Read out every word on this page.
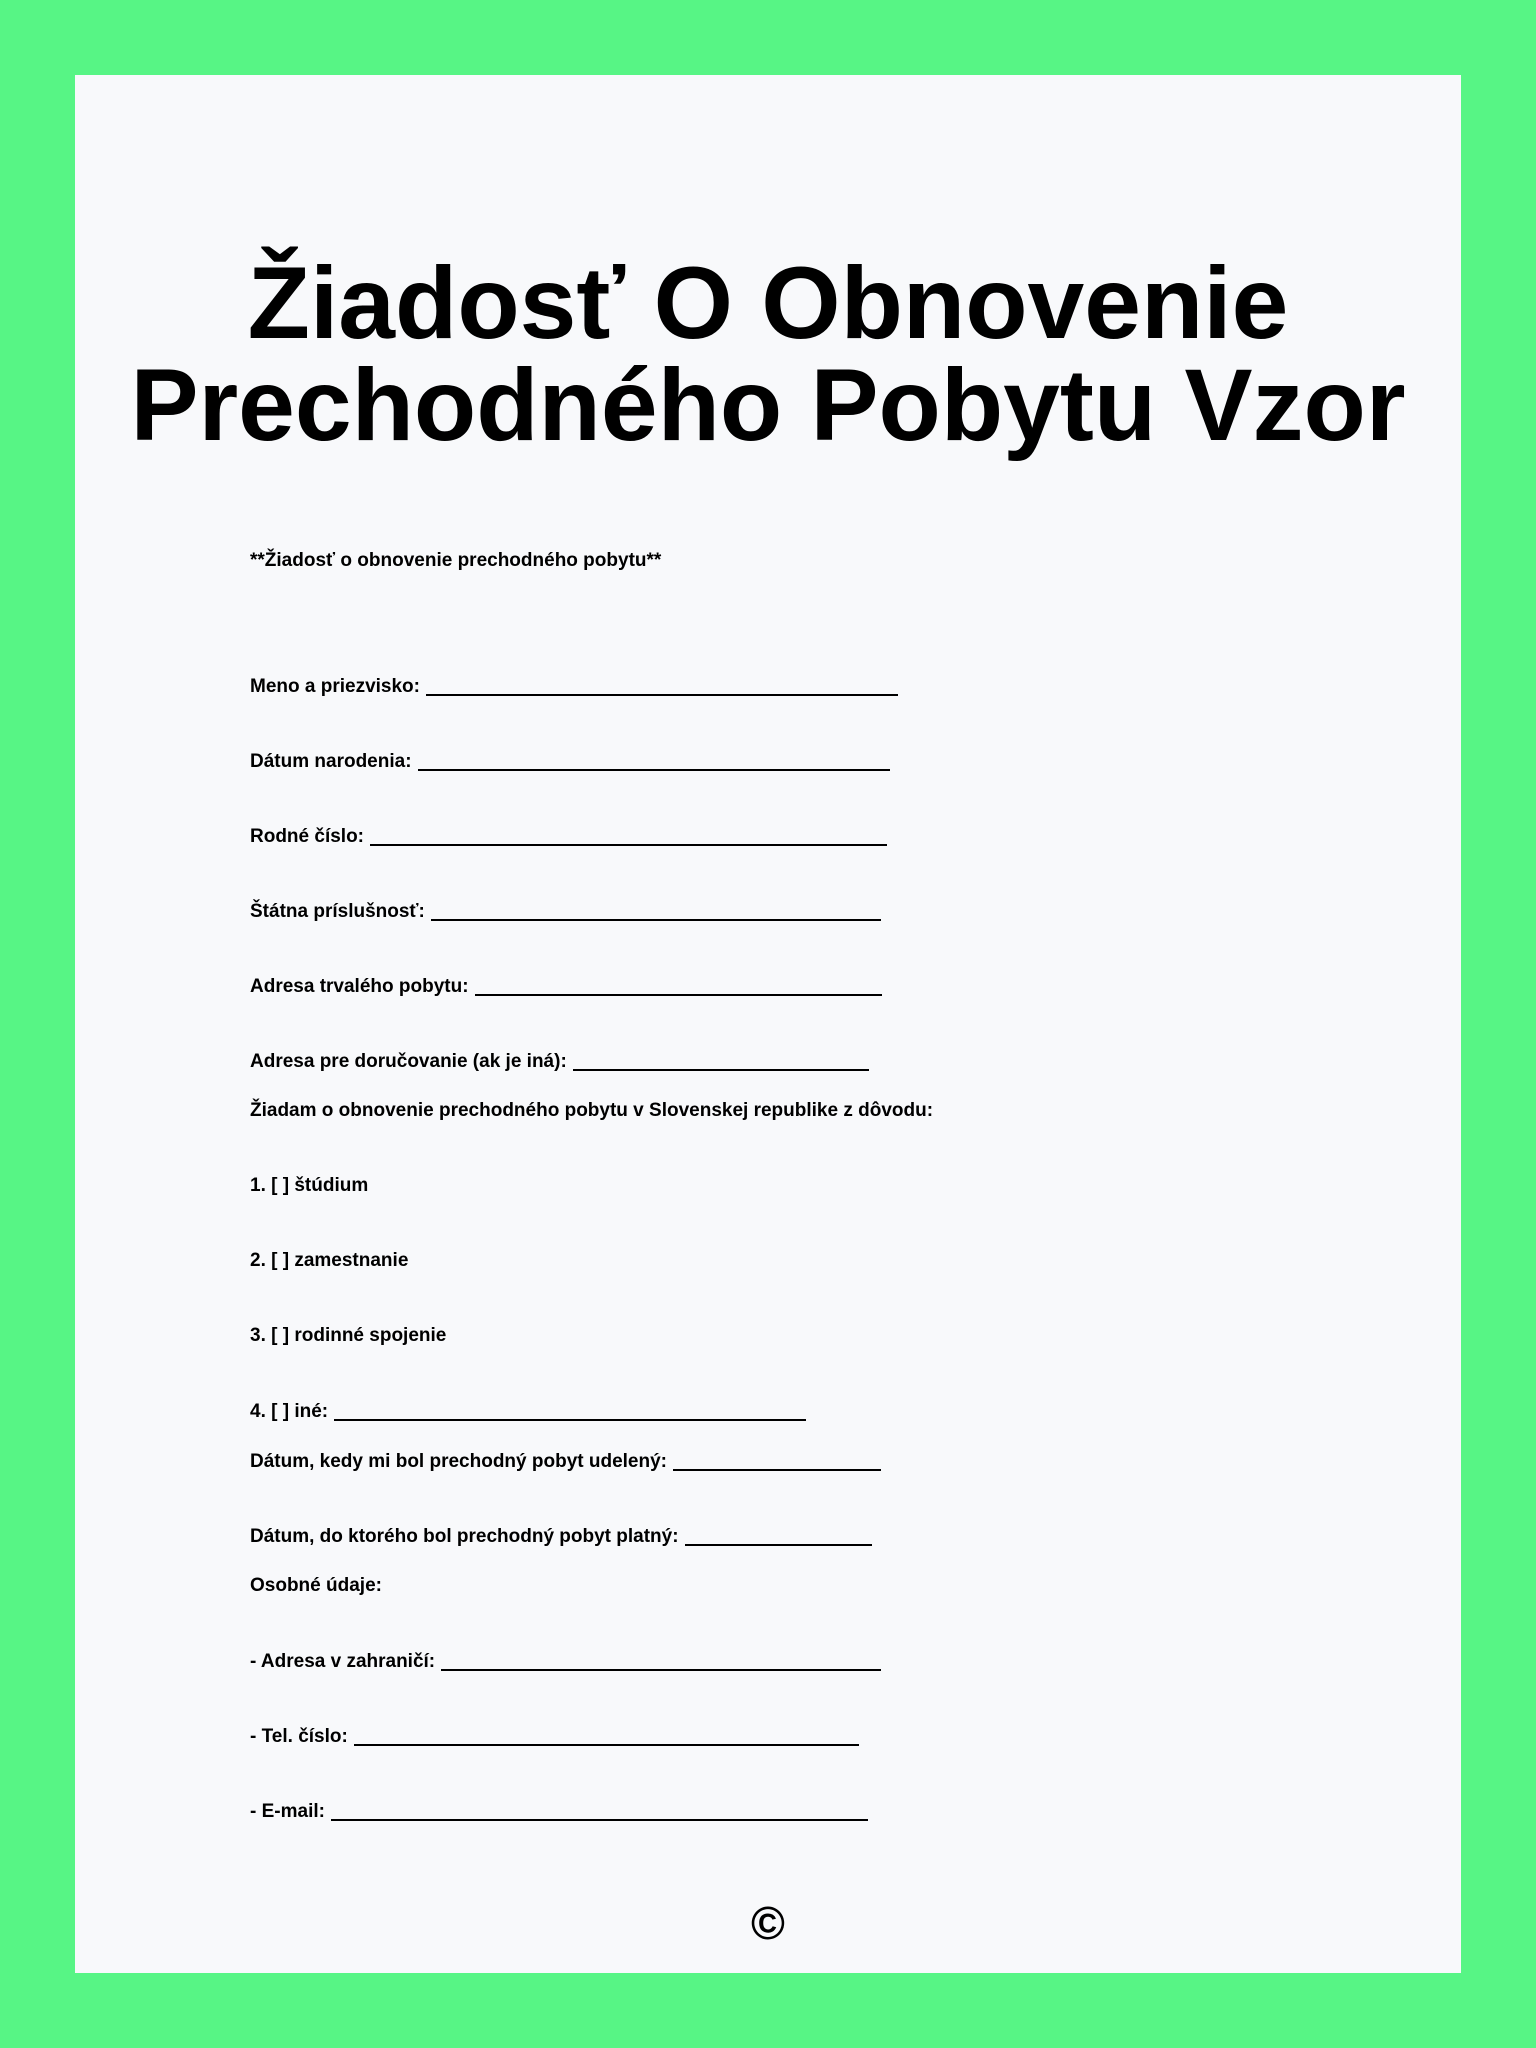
Žiadosť O Obnovenie
Prechodného Pobytu Vzor
**Žiadosť o obnovenie prechodného pobytu**
Meno a priezvisko:
Dátum narodenia:
Rodné číslo:
Štátna príslušnosť:
Adresa trvalého pobytu:
Adresa pre doručovanie (ak je iná):
Žiadam o obnovenie prechodného pobytu v Slovenskej republike z dôvodu:
1. [ ] štúdium
2. [ ] zamestnanie
3. [ ] rodinné spojenie
4. [ ] iné:
Dátum, kedy mi bol prechodný pobyt udelený:
Dátum, do ktorého bol prechodný pobyt platný:
Osobné údaje:
- Adresa v zahraničí:
- Tel. číslo:
- E-mail:
©
